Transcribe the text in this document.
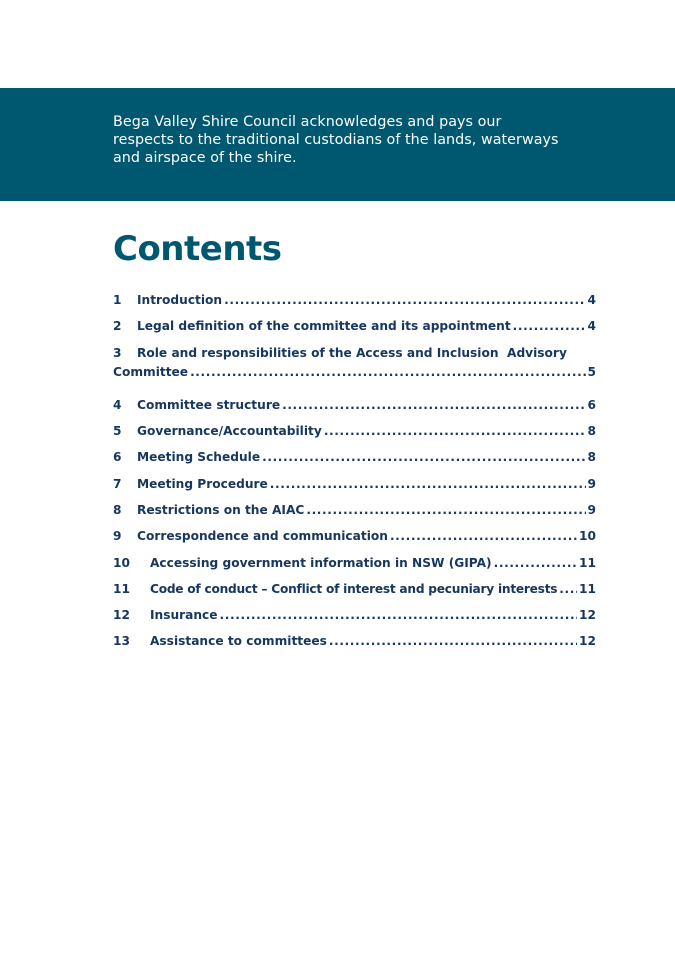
Bega Valley Shire Council acknowledges and pays our
respects to the traditional custodians of the lands, waterways
and airspace of the shire.

Contents
1	Introduction .....	4
2	Legal definition of the committee and its appointment .....	4
3	Role and responsibilities of the Access and Inclusion  Advisory
Committee .....	5
4	Committee structure .....	6
5	Governance/Accountability .....	8
6	Meeting Schedule .....	8
7	Meeting Procedure .....	9
8	Restrictions on the AIAC .....	9
9	Correspondence and communication .....	10
10	Accessing government information in NSW (GIPA) .....	11
11	Code of conduct – Conflict of interest and pecuniary interests ..... 11
12	Insurance .....	12
13	Assistance to committees .....	12
